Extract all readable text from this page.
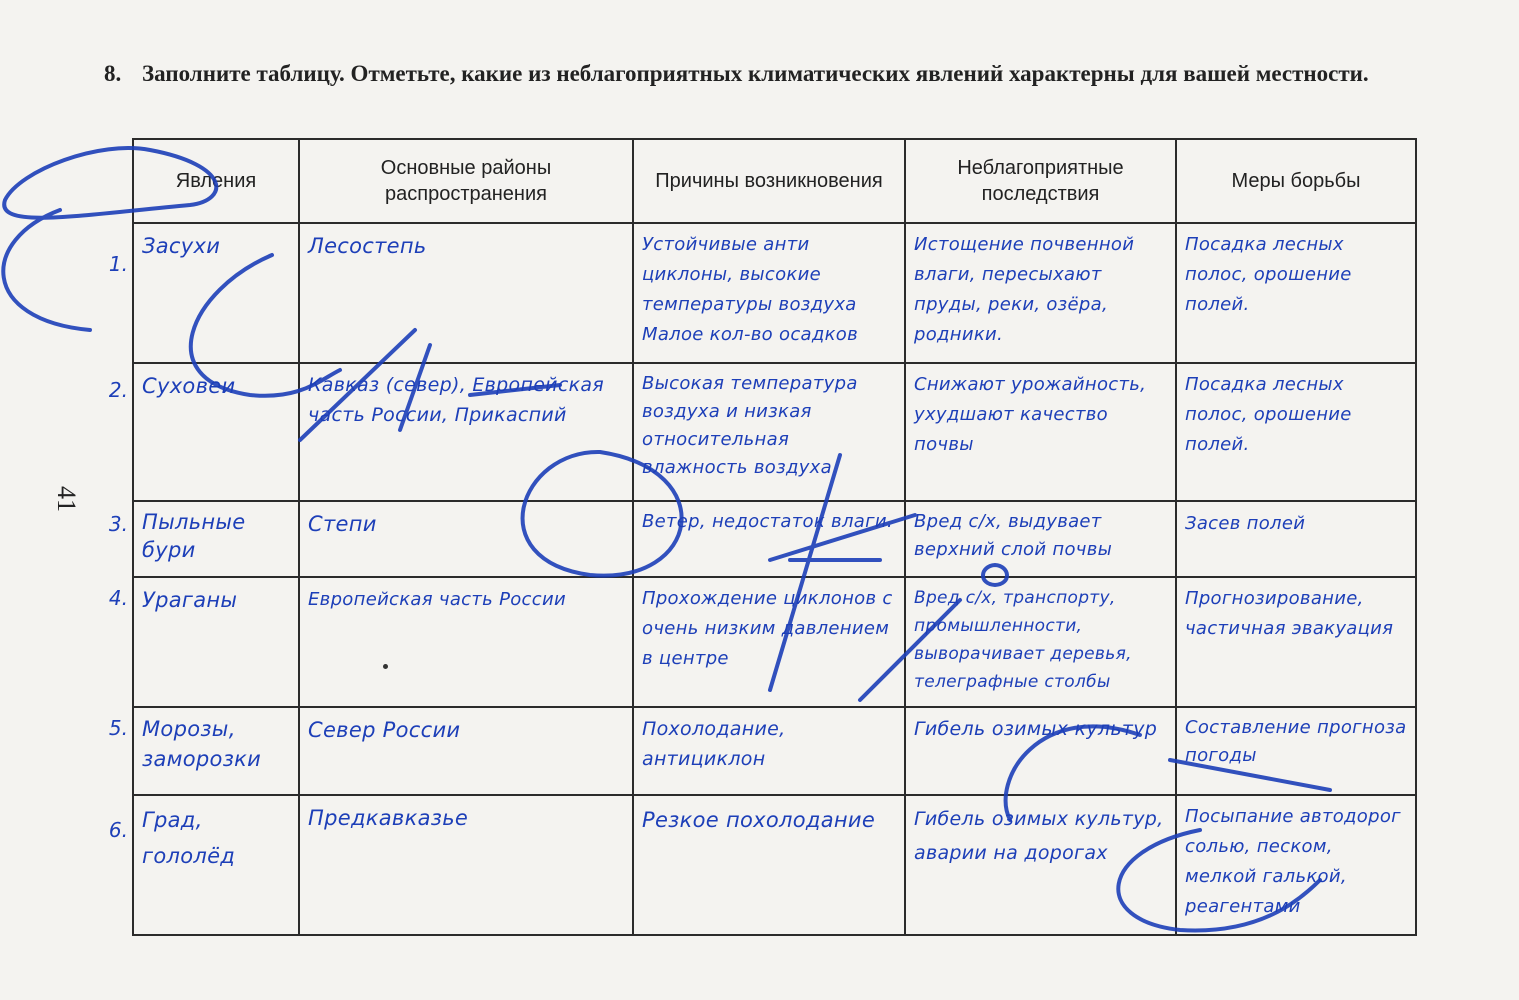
8. Заполните таблицу. Отметьте, какие из неблагоприятных климатических явлений характерны для вашей местности.
41
Явления	Основные районы распространения	Причины возникновения	Неблагоприятные последствия	Меры борьбы
Засухи	Лесостепь	Устойчивые анти циклоны, высокие температуры воздуха Малое кол-во осадков	Истощение почвенной влаги, пересыхают пруды, реки, озёра, родники.	Посадка лесных полос, орошение полей.
Суховеи	Кавказ (север), Европейская часть России, Прикаспий	Высокая температура воздуха и низкая относительная влажность воздуха	Снижают урожайность, ухудшают качество почвы	Посадка лесных полос, орошение полей.
Пыльные бури	Степи	Ветер, недостаток влаги.	Вред с/х, выдувает верхний слой почвы	Засев полей
Ураганы	Европейская часть России	Прохождение циклонов с очень низким давлением в центре	Вред с/х, транспорту, промышленности, выворачивает деревья, телеграфные столбы	Прогнозирование, частичная эвакуация
Морозы, заморозки	Север России	Похолодание, антициклон	Гибель озимых культур	Составление прогноза погоды
Град, гололёд	Предкавказье	Резкое похолодание	Гибель озимых культур, аварии на дорогах	Посыпание автодорог солью, песком, мелкой галькой, реагентами
1.
2.
3.
4.
5.
6.
